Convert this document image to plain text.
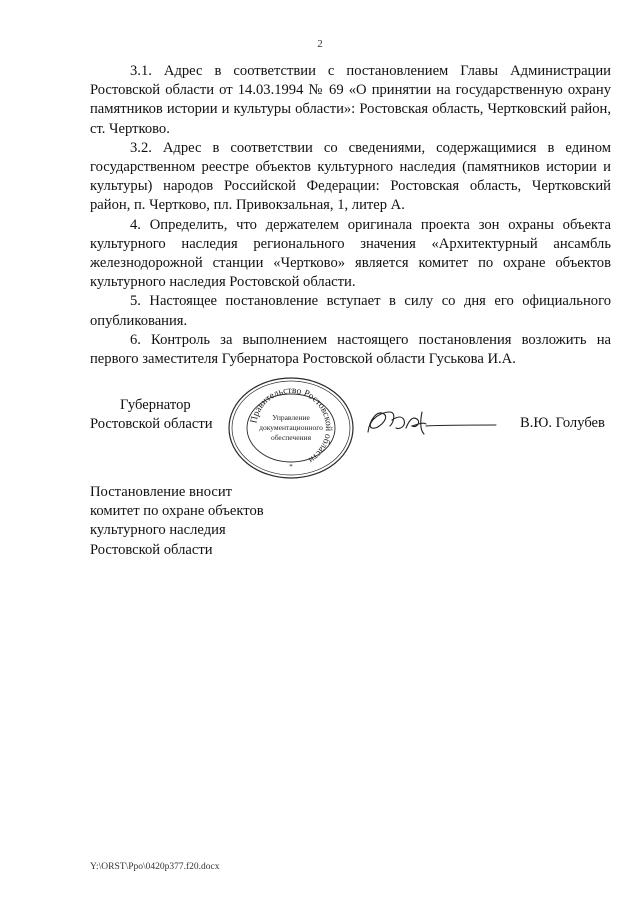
2

3.1. Адрес в соответствии с постановлением Главы Администрации Ростовской области от 14.03.1994 № 69 «О принятии на государственную охрану памятников истории и культуры области»: Ростовская область, Чертковский район, ст. Чертково.

3.2. Адрес в соответствии со сведениями, содержащимися в едином государственном реестре объектов культурного наследия (памятников истории и культуры) народов Российской Федерации: Ростовская область, Чертковский район, п. Чертково, пл. Привокзальная, 1, литер А.

4. Определить, что держателем оригинала проекта зон охраны объекта культурного наследия регионального значения «Архитектурный ансамбль железнодорожной станции «Чертково» является комитет по охране объектов культурного наследия Ростовской области.

5. Настоящее постановление вступает в силу со дня его официального опубликования.

6. Контроль за выполнением настоящего постановления возложить на первого заместителя Губернатора Ростовской области Гуськова И.А.

Губернатор
Ростовской области	Правительство Ростовской области
Управление
документационного
обеспечения
*
В.Ю. Голубев
Постановление вносит
комитет по охране объектов
культурного наследия
Ростовской области
Y:\ORST\Ppo\0420p377.f20.docx
